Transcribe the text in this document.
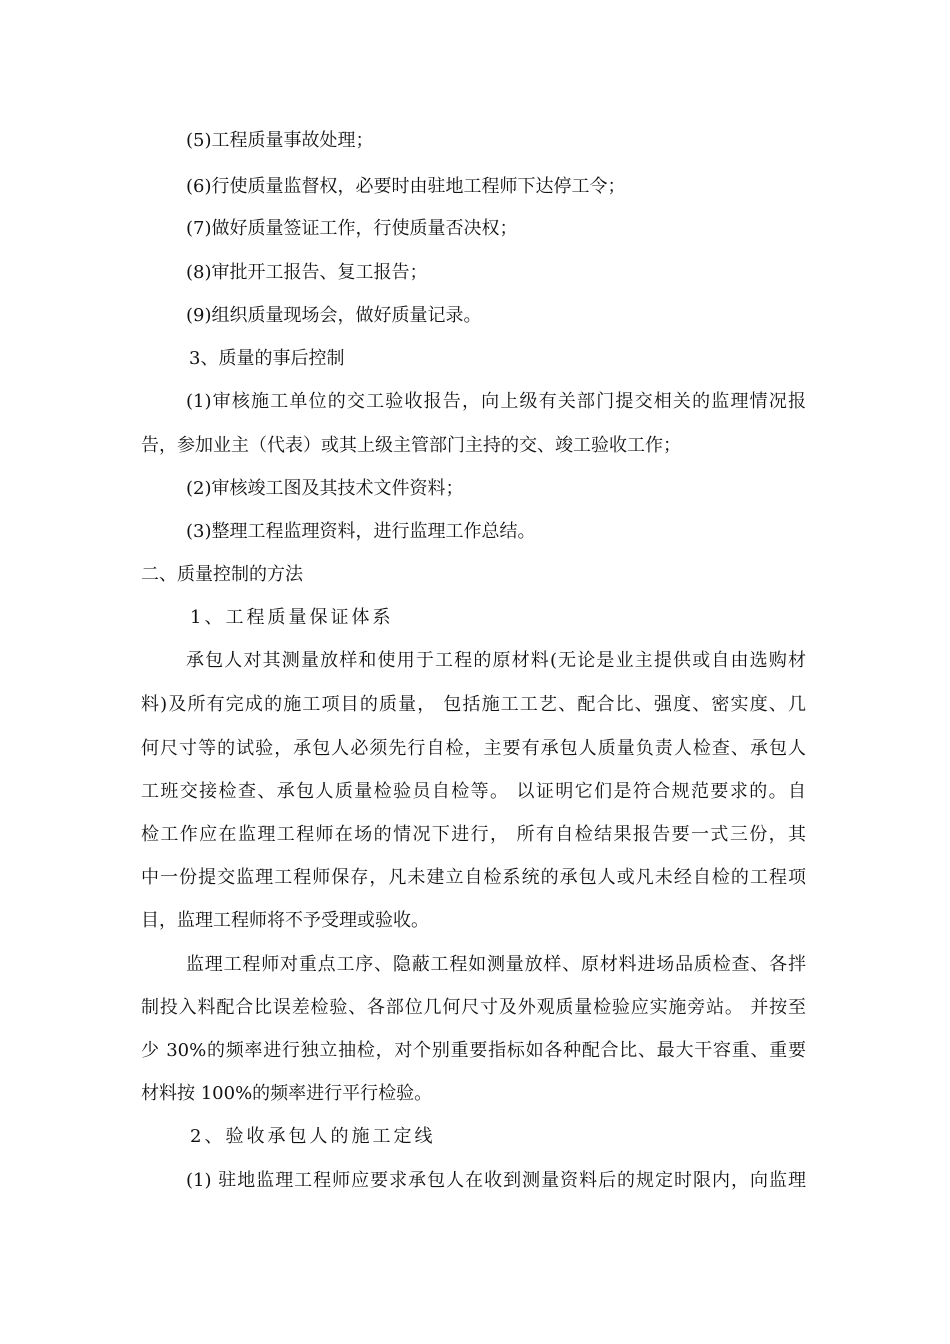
(5)工程质量事故处理；
(6)行使质量监督权，必要时由驻地工程师下达停工令；
(7)做好质量签证工作，行使质量否决权；
(8)审批开工报告、复工报告；
(9)组织质量现场会，做好质量记录。
3、质量的事后控制
(1)审核施工单位的交工验收报告，向上级有关部门提交相关的监理情况报
告，参加业主（代表）或其上级主管部门主持的交、竣工验收工作；
(2)审核竣工图及其技术文件资料；
(3)整理工程监理资料，进行监理工作总结。
二、质量控制的方法
1、工程质量保证体系
承包人对其测量放样和使用于工程的原材料(无论是业主提供或自由选购材
料)及所有完成的施工项目的质量， 包括施工工艺、配合比、强度、密实度、几
何尺寸等的试验，承包人必须先行自检，主要有承包人质量负责人检查、承包人
工班交接检查、承包人质量检验员自检等。 以证明它们是符合规范要求的。自
检工作应在监理工程师在场的情况下进行， 所有自检结果报告要一式三份，其
中一份提交监理工程师保存，凡未建立自检系统的承包人或凡未经自检的工程项
目，监理工程师将不予受理或验收。
监理工程师对重点工序、隐蔽工程如测量放样、原材料进场品质检查、各拌
制投入料配合比误差检验、各部位几何尺寸及外观质量检验应实施旁站。 并按至
少 30%的频率进行独立抽检，对个别重要指标如各种配合比、最大干容重、重要
材料按 100%的频率进行平行检验。
2、验收承包人的施工定线
(1) 驻地监理工程师应要求承包人在收到测量资料后的规定时限内，向监理
